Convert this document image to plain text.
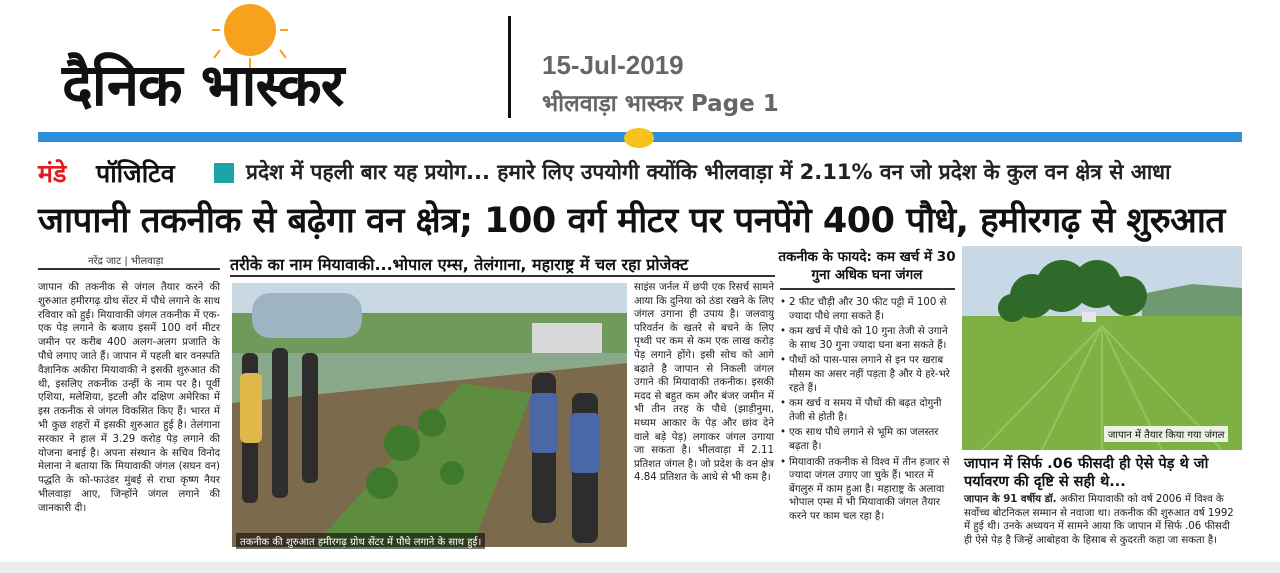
दैनिक भास्कर	15-Jul-2019
भीलवाड़ा भास्कर Page 1
मंडे पॉजिटिव	प्रदेश में पहली बार यह प्रयोग... हमारे लिए उपयोगी क्योंकि भीलवाड़ा में 2.11% वन जो प्रदेश के कुल वन क्षेत्र से आधा
जापानी तकनीक से बढ़ेगा वन क्षेत्र; 100 वर्ग मीटर पर पनपेंगे 400 पौधे, हमीरगढ़ से शुरुआत
नरेंद्र जाट | भीलवाड़ा
जापान की तकनीक से जंगल तैयार करने की शुरुआत हमीरगढ़ ग्रोथ सेंटर में पौधे लगाने के साथ रविवार को हुई। मियावाकी जंगल तकनीक में एक-एक पेड़ लगाने के बजाय इसमें 100 वर्ग मीटर जमीन पर करीब 400 अलग-अलग प्रजाति के पौधे लगाए जाते हैं। जापान में पहली बार वनस्पति वैज्ञानिक अकीरा मियावाकी ने इसकी शुरुआत की थी, इसलिए तकनीक उन्हीं के नाम पर है। पूर्वी एशिया, मलेशिया, इटली और दक्षिण अमेरिका में इस तकनीक से जंगल विकसित किए हैं। भारत में भी कुछ शहरों में इसकी शुरुआत हुई है। तेलंगाना सरकार ने हाल में 3.29 करोड़ पेड़ लगाने की योजना बनाई है। अपना संस्थान के सचिव विनोद मेलाना ने बताया कि मियावाकी जंगल (सघन वन) पद्धति के को-फाउंडर मुंबई से राधा कृष्ण नैयर भीलवाड़ा आए, जिन्होंने जंगल लगाने की जानकारी दी।
तरीके का नाम मियावाकी...भोपाल एम्स, तेलंगाना, महाराष्ट्र में चल रहा प्रोजेक्ट
तकनीक की शुरुआत हमीरगढ़ ग्रोथ सेंटर में पौधे लगाने के साथ हुई।
साइंस जर्नल में छपी एक रिसर्च सामने आया कि दुनिया को ठंडा रखने के लिए जंगल उगाना ही उपाय है। जलवायु परिवर्तन के खतरे से बचने के लिए पृथ्वी पर कम से कम एक लाख करोड़ पेड़ लगाने होंगे। इसी सोच को आगे बढ़ाते है जापान से निकली जंगल उगाने की मियावाकी तकनीक। इसकी मदद से बहुत कम और बंजर जमीन में भी तीन तरह के पौधे (झाड़ीनुमा, मध्यम आकार के पेड़ और छांव देने वाले बड़े पेड़) लगाकर जंगल उगाया जा सकता है। भीलवाड़ा में 2.11 प्रतिशत जंगल है। जो प्रदेश के वन क्षेत्र 4.84 प्रतिशत के आधे से भी कम है।
तकनीक के फायदे: कम खर्च में 30 गुना अधिक घना जंगल
• 2 फीट चौड़ी और 30 फीट पट्टी में 100 से ज्यादा पौधे लगा सकते हैं।
• कम खर्च में पौधे को 10 गुना तेजी से उगाने के साथ 30 गुना ज्यादा घना बना सकते हैं।
• पौधों को पास-पास लगाने से इन पर खराब मौसम का असर नहीं पड़ता है और ये हरे-भरे रहते हैं।
• कम खर्च व समय में पौधों की बढ़त दोगुनी तेजी से होती है।
• एक साथ पौधे लगाने से भूमि का जलस्तर बढ़ता है।
• मियावाकी तकनीक से विश्व में तीन हजार से ज्यादा जंगल उगाए जा चुके हैं। भारत में बेंगलुरु में काम हुआ है। महाराष्ट्र के अलावा भोपाल एम्स में भी मियावाकी जंगल तैयार करने पर काम चल रहा है।
जापान में तैयार किया गया जंगल
जापान में सिर्फ .06 फीसदी ही ऐसे पेड़ थे जो पर्यावरण की दृष्टि से सही थे...
जापान के 91 वर्षीय डॉ. अकीरा मियावाकी को वर्ष 2006 में विश्व के सर्वोच्च बोटनिकल सम्मान से नवाजा था। तकनीक की शुरुआत वर्ष 1992 में हुई थी। उनके अध्ययन में सामने आया कि जापान में सिर्फ .06 फीसदी ही ऐसे पेड़ है जिन्हें आबोहवा के हिसाब से कुदरती कहा जा सकता है।
